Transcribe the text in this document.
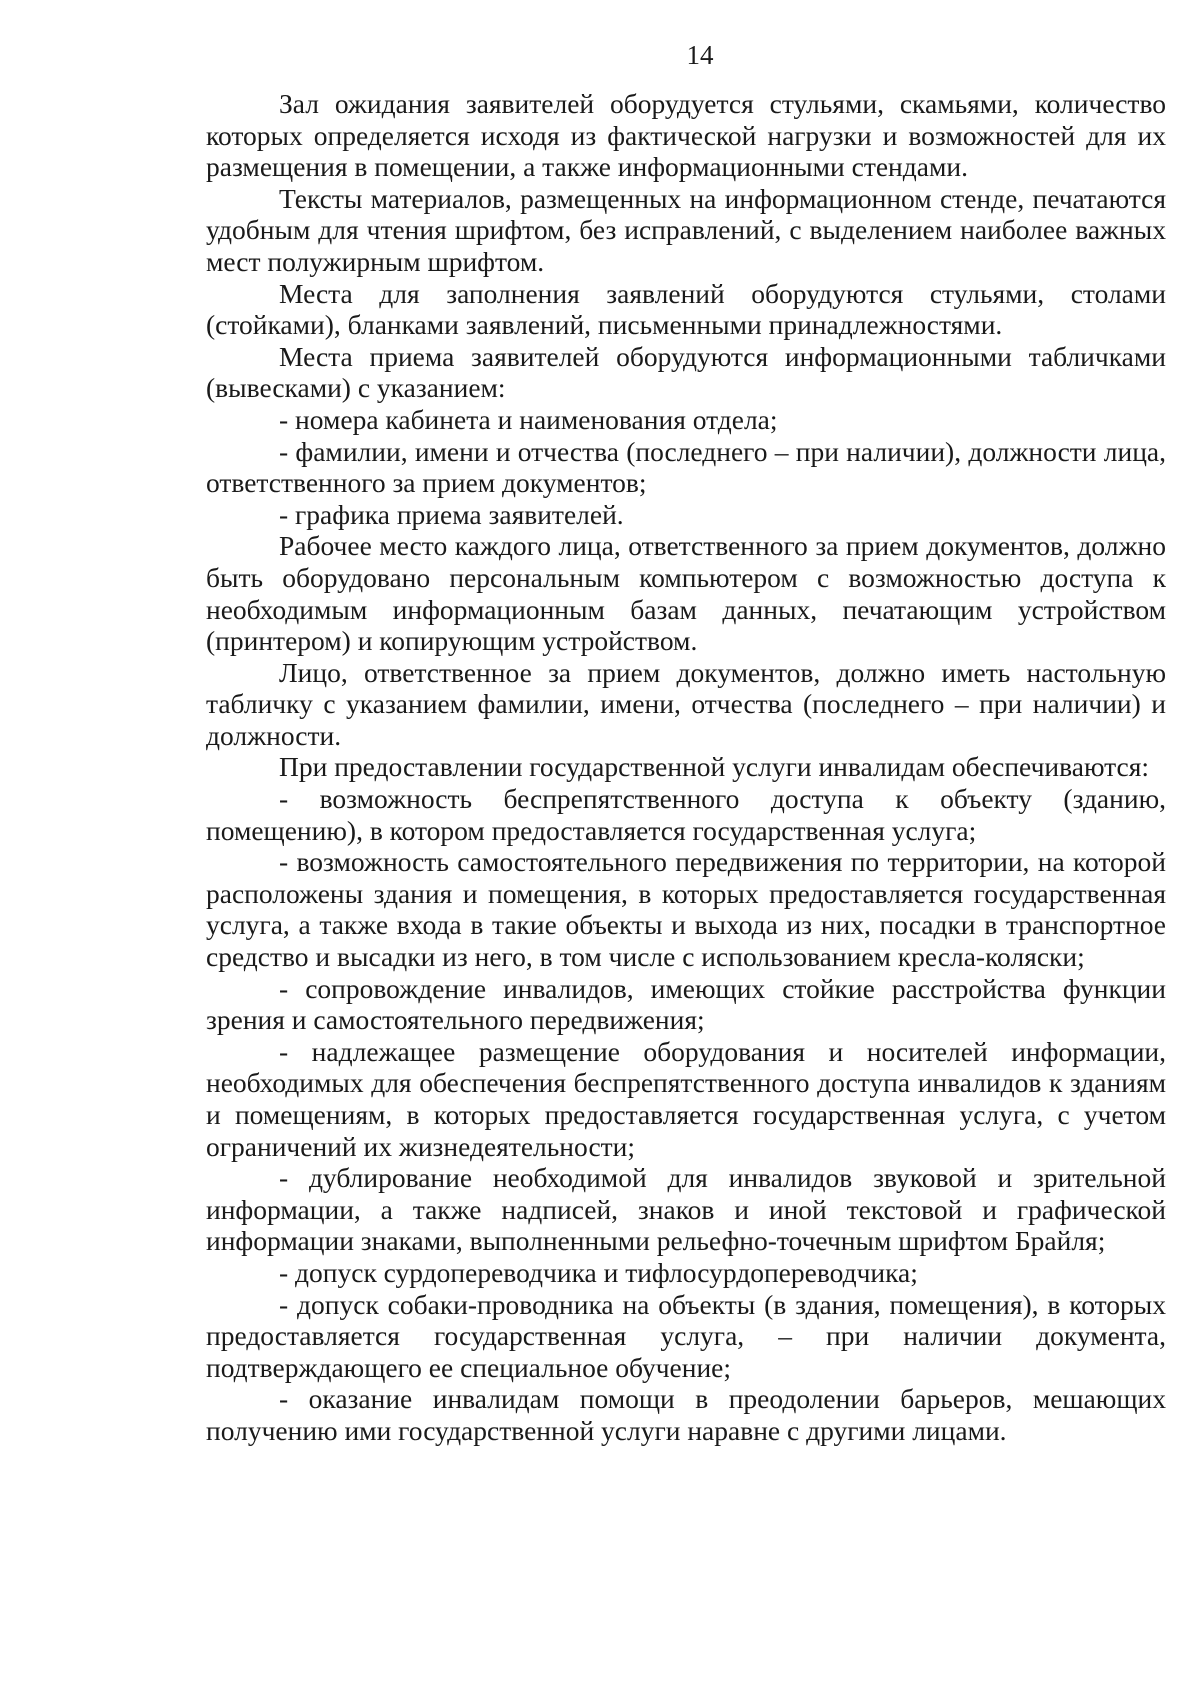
14

Зал ожидания заявителей оборудуется стульями, скамьями, количество которых определяется исходя из фактической нагрузки и возможностей для их размещения в помещении, а также информационными стендами.

Тексты материалов, размещенных на информационном стенде, печатаются удобным для чтения шрифтом, без исправлений, с выделением наиболее важных мест полужирным шрифтом.

Места для заполнения заявлений оборудуются стульями, столами (стойками), бланками заявлений, письменными принадлежностями.

Места приема заявителей оборудуются информационными табличками (вывесками) с указанием:

- номера кабинета и наименования отдела;

- фамилии, имени и отчества (последнего – при наличии), должности лица, ответственного за прием документов;

- графика приема заявителей.

Рабочее место каждого лица, ответственного за прием документов, должно быть оборудовано персональным компьютером с возможностью доступа к необходимым информационным базам данных, печатающим устройством (принтером) и копирующим устройством.

Лицо, ответственное за прием документов, должно иметь настольную табличку с указанием фамилии, имени, отчества (последнего – при наличии) и должности.

При предоставлении государственной услуги инвалидам обеспечиваются:

- возможность беспрепятственного доступа к объекту (зданию, помещению), в котором предоставляется государственная услуга;

- возможность самостоятельного передвижения по территории, на которой расположены здания и помещения, в которых предоставляется государственная услуга, а также входа в такие объекты и выхода из них, посадки в транспортное средство и высадки из него, в том числе с использованием кресла-коляски;

- сопровождение инвалидов, имеющих стойкие расстройства функции зрения и самостоятельного передвижения;

- надлежащее размещение оборудования и носителей информации, необходимых для обеспечения беспрепятственного доступа инвалидов к зданиям и помещениям, в которых предоставляется государственная услуга, с учетом ограничений их жизнедеятельности;

- дублирование необходимой для инвалидов звуковой и зрительной информации, а также надписей, знаков и иной текстовой и графической информации знаками, выполненными рельефно-точечным шрифтом Брайля;

- допуск сурдопереводчика и тифлосурдопереводчика;

- допуск собаки-проводника на объекты (в здания, помещения), в которых предоставляется государственная услуга, – при наличии документа, подтверждающего ее специальное обучение;

- оказание инвалидам помощи в преодолении барьеров, мешающих получению ими государственной услуги наравне с другими лицами.
